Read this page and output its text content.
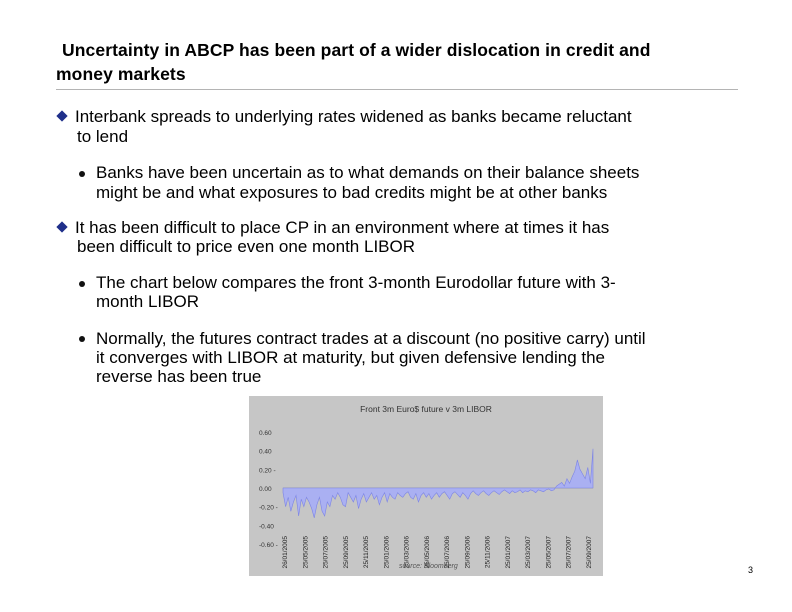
Uncertainty in ABCP has been part of a wider dislocation in credit and
money markets
Interbank spreads to underlying rates widened as banks became reluctant
to lend
Banks have been uncertain as to what demands on their balance sheets
might be and what exposures to bad credits might be at other banks
It has been difficult to place CP in an environment where at times it has
been difficult to price even one month LIBOR
The chart below compares the front 3-month Eurodollar future with 3-
month LIBOR
Normally, the futures contract trades at a discount (no positive carry) until
it converges with LIBOR at maturity, but given defensive lending the
reverse has been true
Front 3m Euro$ future v 3m LIBOR
0.60
0.40
0.20 -
0.00
-0.20 -
-0.40
-0.60 - 26/01/2005 25/05/2005 25/07/2005 25/09/2005 25/11/2005 25/01/2006 25/03/2006 25/05/2006 25/07/2006 25/09/2006 25/11/2006 25/01/2007 25/03/2007 25/05/2007 25/07/2007 25/09/2007
source: Bloomberg	3
